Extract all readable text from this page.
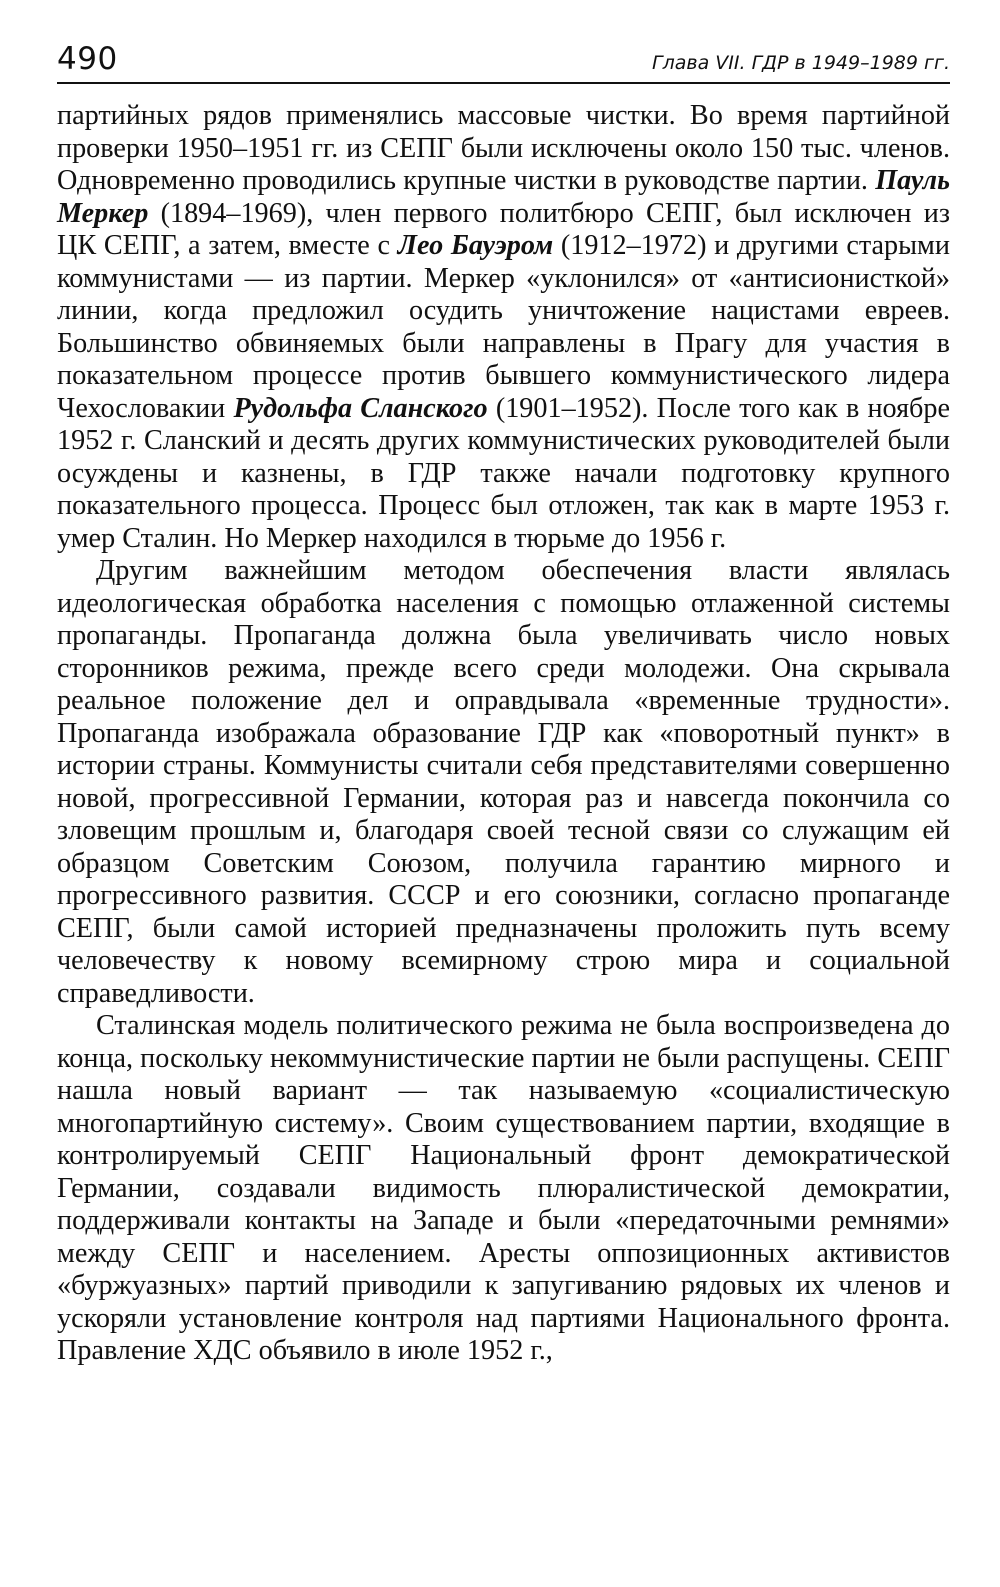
490	Глава VII. ГДР в 1949–1989 гг.

партийных рядов применялись массовые чистки. Во время партийной проверки 1950–1951 гг. из СЕПГ были исключены около 150 тыс. членов. Одновременно проводились крупные чистки в руководстве партии. Пауль Меркер (1894–1969), член первого политбюро СЕПГ, был исключен из ЦК СЕПГ, а затем, вместе с Лео Бауэром (1912–1972) и другими старыми коммунистами — из партии. Меркер «уклонился» от «антисионисткой» линии, когда предложил осудить уничтожение нацистами евреев. Большинство обвиняемых были направлены в Прагу для участия в показательном процессе против бывшего коммунистического лидера Чехословакии Рудольфа Сланского (1901–1952). После того как в ноябре 1952 г. Сланский и десять других коммунистических руководителей были осуждены и казнены, в ГДР также начали подготовку крупного показательного процесса. Процесс был отложен, так как в марте 1953 г. умер Сталин. Но Меркер находился в тюрьме до 1956 г.

Другим важнейшим методом обеспечения власти являлась идеологическая обработка населения с помощью отлаженной системы пропаганды. Пропаганда должна была увеличивать число новых сторонников режима, прежде всего среди молодежи. Она скрывала реальное положение дел и оправдывала «временные трудности». Пропаганда изображала образование ГДР как «поворотный пункт» в истории страны. Коммунисты считали себя представителями совершенно новой, прогрессивной Германии, которая раз и навсегда покончила со зловещим прошлым и, благодаря своей тесной связи со служащим ей образцом Советским Союзом, получила гарантию мирного и прогрессивного развития. СССР и его союзники, согласно пропаганде СЕПГ, были самой историей предназначены проложить путь всему человечеству к новому всемирному строю мира и социальной справедливости.

Сталинская модель политического режима не была воспроизведена до конца, поскольку некоммунистические партии не были распущены. СЕПГ нашла новый вариант — так называемую «социалистическую многопартийную систему». Своим существованием партии, входящие в контролируемый СЕПГ Национальный фронт демократической Германии, создавали видимость плюралистической демократии, поддерживали контакты на Западе и были «передаточными ремнями» между СЕПГ и населением. Аресты оппозиционных активистов «буржуазных» партий приводили к запугиванию рядовых их членов и ускоряли установление контроля над партиями Национального фронта. Правление ХДС объявило в июле 1952 г.,
